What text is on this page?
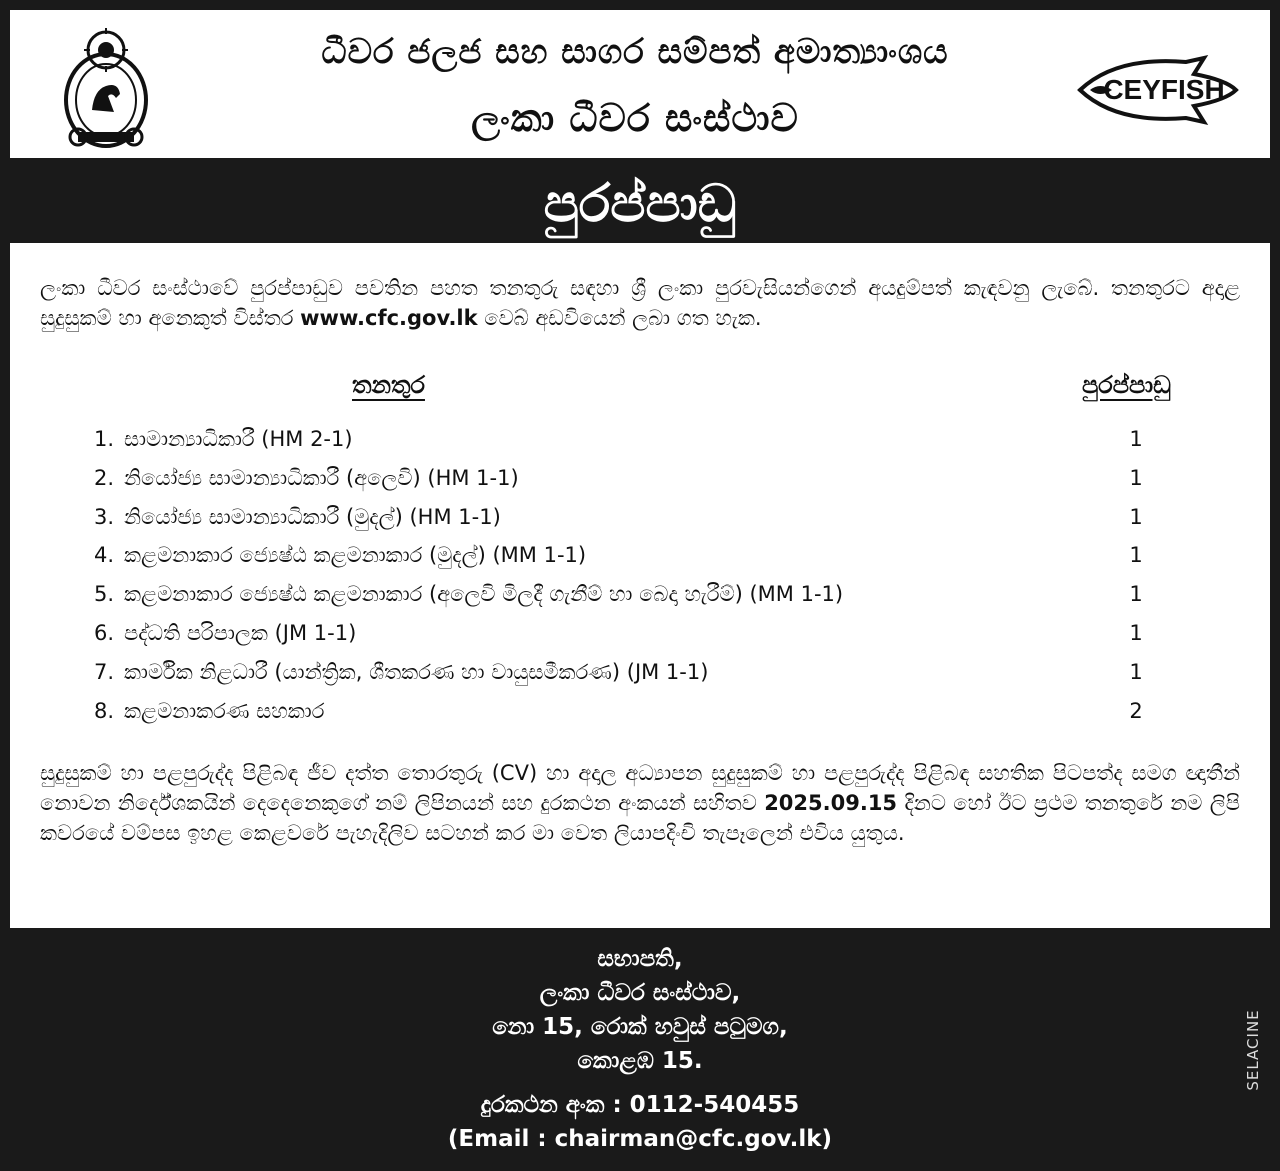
ධීවර ජලජ සහ සාගර සම්පත් අමාත්‍යාංශය
ලංකා ධීවර සංස්ථාව
CEYFISH
පුරප්පාඩු

ලංකා ධීවර සංස්ථාවේ පුරප්පාඩුව පවතින පහත තනතුරු සඳහා ශ්‍රී ලංකා පුරවැසියන්ගෙන් අයදුම්පත් කැඳවනු ලැබේ. තනතුරට අදාළ සුදුසුකම් හා අනෙකුත් විස්තර www.cfc.gov.lk වෙබ් අඩවියෙන් ලබා ගත හැක.

තනතුර	පුරප්පාඩු
1. සාමාන්‍යාධිකාරී (HM 2-1)	1
2. නියෝජ්‍ය සාමාන්‍යාධිකාරී (අලෙවි) (HM 1-1)	1
3. නියෝජ්‍ය සාමාන්‍යාධිකාරී (මුදල්) (HM 1-1)	1
4. කළමනාකාර ජ්‍යෙෂ්ඨ කළමනාකාර (මුදල්) (MM 1-1)	1
5. කළමනාකාර ජ්‍යෙෂ්ඨ කළමනාකාර (අලෙවි මිලදී ගැනීම් හා බෙදා හැරීම්) (MM 1-1)	1
6. පද්ධති පරිපාලක (JM 1-1)	1
7. කාර්මික නිළධාරී (යාන්ත්‍රික, ශීතකරණ හා වායුසමීකරණ) (JM 1-1)	1
8. කළමනාකරණ සහකාර	2

සුදුසුකම් හා පළපුරුද්ද පිළිබඳ ජීව දත්ත තොරතුරු (CV) හා අදාල අධ්‍යාපන සුදුසුකම් හා පළපුරුද්ද පිළිබඳ සහතික පිටපත්ද සමග ඥාතීන් නොවන නිර්දේශකයින් දෙදෙනෙකුගේ නම් ලිපිනයන් සහ දුරකථන අංකයන් සහිතව 2025.09.15 දිනට හෝ ඊට ප්‍රථම තනතුරේ නම ලිපි කවරයේ වම්පස ඉහළ කෙළවරේ පැහැදිලිව සටහන් කර මා වෙත ලියාපදිංචි තැපෑලෙන් එවිය යුතුය.

සභාපති,
ලංකා ධීවර සංස්ථාව,
නො 15, රොක් හවුස් පටුමග,
කොළඹ 15.
දුරකථන අංක : 0112-540455
(Email : chairman@cfc.gov.lk)
SELACINE
